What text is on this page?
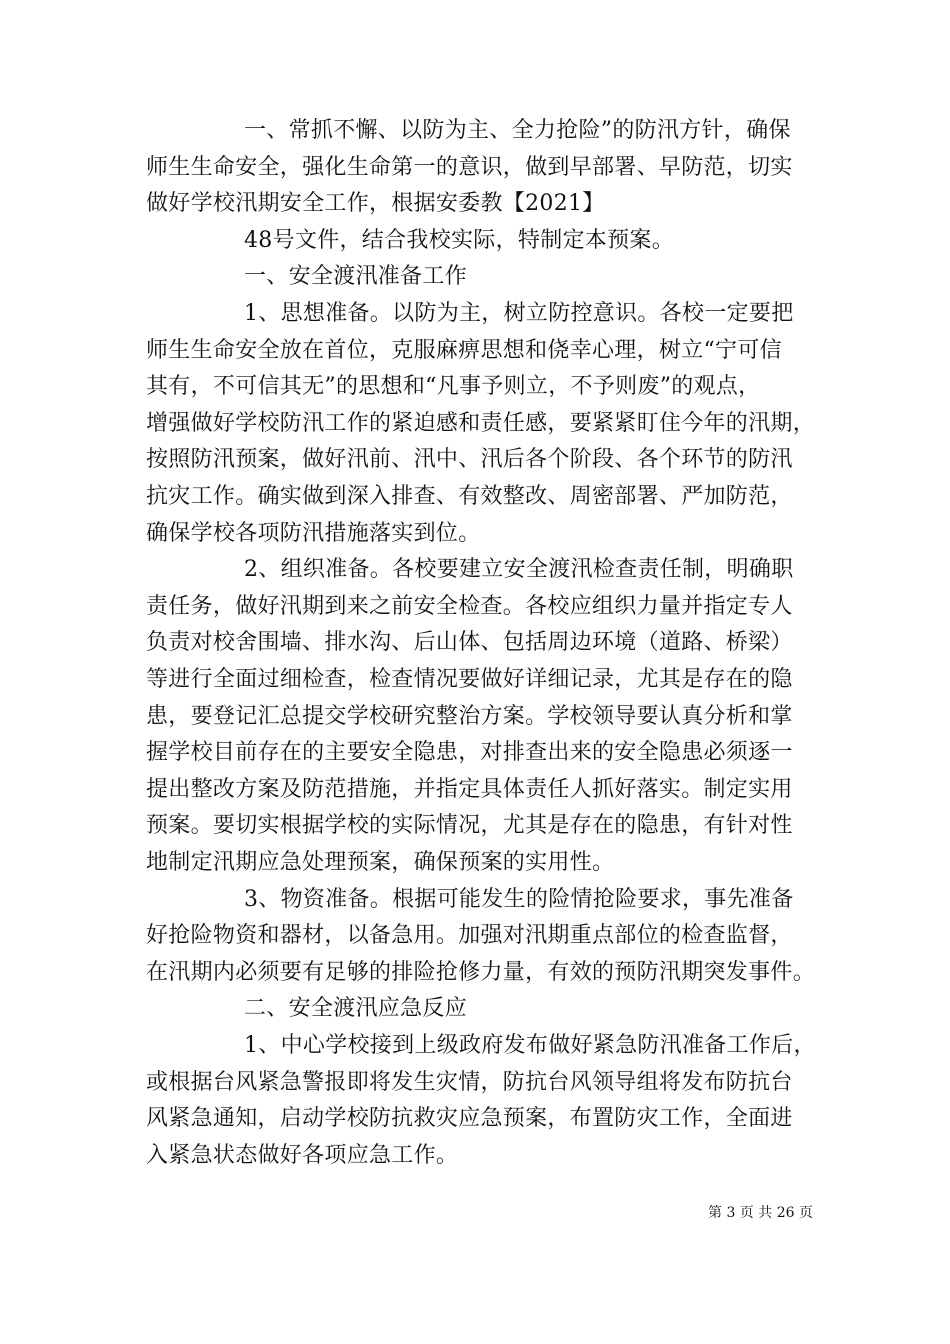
一、常抓不懈、以防为主、全力抢险”的防汛方针，确保
师生生命安全，强化生命第一的意识，做到早部署、早防范，切实
做好学校汛期安全工作，根据安委教【2021】
48号文件，结合我校实际，特制定本预案。
一、安全渡汛准备工作
1、思想准备。以防为主，树立防控意识。各校一定要把
师生生命安全放在首位，克服麻痹思想和侥幸心理，树立“宁可信
其有，不可信其无”的思想和“凡事予则立，不予则废”的观点，
增强做好学校防汛工作的紧迫感和责任感，要紧紧盯住今年的汛期，
按照防汛预案，做好汛前、汛中、汛后各个阶段、各个环节的防汛
抗灾工作。确实做到深入排查、有效整改、周密部署、严加防范，
确保学校各项防汛措施落实到位。
2、组织准备。各校要建立安全渡汛检查责任制，明确职
责任务，做好汛期到来之前安全检查。各校应组织力量并指定专人
负责对校舍围墙、排水沟、后山体、包括周边环境（道路、桥梁）
等进行全面过细检查，检查情况要做好详细记录，尤其是存在的隐
患，要登记汇总提交学校研究整治方案。学校领导要认真分析和掌
握学校目前存在的主要安全隐患，对排查出来的安全隐患必须逐一
提出整改方案及防范措施，并指定具体责任人抓好落实。制定实用
预案。要切实根据学校的实际情况，尤其是存在的隐患，有针对性
地制定汛期应急处理预案，确保预案的实用性。
3、物资准备。根据可能发生的险情抢险要求，事先准备
好抢险物资和器材，以备急用。加强对汛期重点部位的检查监督，
在汛期内必须要有足够的排险抢修力量，有效的预防汛期突发事件。
二、安全渡汛应急反应
1、中心学校接到上级政府发布做好紧急防汛准备工作后，
或根据台风紧急警报即将发生灾情，防抗台风领导组将发布防抗台
风紧急通知，启动学校防抗救灾应急预案，布置防灾工作，全面进
入紧急状态做好各项应急工作。
第 3 页 共 26 页
